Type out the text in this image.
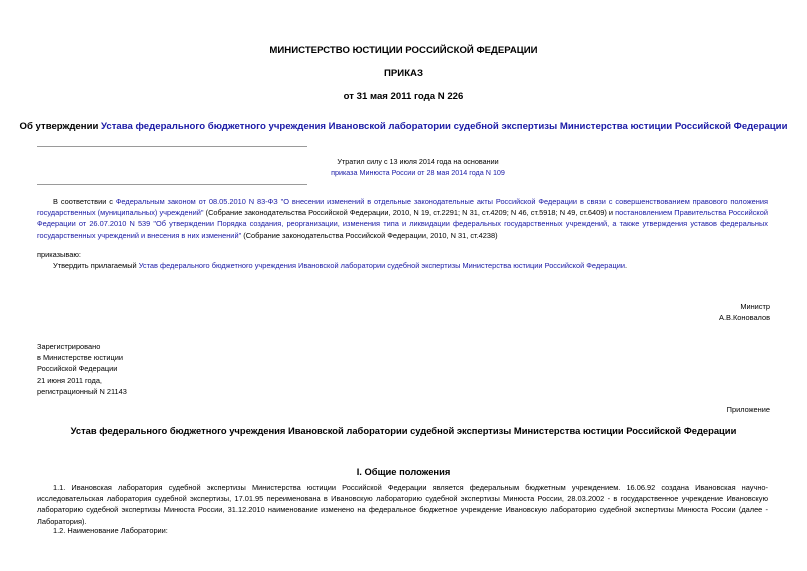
МИНИСТЕРСТВО ЮСТИЦИИ РОССИЙСКОЙ ФЕДЕРАЦИИ
ПРИКАЗ
от 31 мая 2011 года N 226
Об утверждении Устава федерального бюджетного учреждения Ивановской лаборатории судебной экспертизы Министерства юстиции Российской Федерации
Утратил силу с 13 июля 2014 года на основании
приказа Минюста России от 28 мая 2014 года N 109
В соответствии с Федеральным законом от 08.05.2010 N 83-ФЗ "О внесении изменений в отдельные законодательные акты Российской Федерации в связи с совершенствованием правового положения государственных (муниципальных) учреждений" (Собрание законодательства Российской Федерации, 2010, N 19, ст.2291; N 31, ст.4209; N 46, ст.5918; N 49, ст.6409) и постановлением Правительства Российской Федерации от 26.07.2010 N 539 "Об утверждении Порядка создания, реорганизации, изменения типа и ликвидации федеральных государственных учреждений, а также утверждения уставов федеральных государственных учреждений и внесения в них изменений" (Собрание законодательства Российской Федерации, 2010, N 31, ст.4238)
приказываю:
Утвердить прилагаемый Устав федерального бюджетного учреждения Ивановской лаборатории судебной экспертизы Министерства юстиции Российской Федерации.
Министр
А.В.Коновалов
Зарегистрировано
в Министерстве юстиции
Российской Федерации
21 июня 2011 года,
регистрационный N 21143
Приложение
Устав федерального бюджетного учреждения Ивановской лаборатории судебной экспертизы Министерства юстиции Российской Федерации
I. Общие положения
1.1. Ивановская лаборатория судебной экспертизы Министерства юстиции Российской Федерации является федеральным бюджетным учреждением. 16.06.92 создана Ивановская научно-исследовательская лаборатория судебной экспертизы, 17.01.95 переименована в Ивановскую лабораторию судебной экспертизы Минюста России, 28.03.2002 - в государственное учреждение Ивановскую лабораторию судебной экспертизы Минюста России, 31.12.2010 наименование изменено на федеральное бюджетное учреждение Ивановскую лабораторию судебной экспертизы Минюста России (далее - Лаборатория).
1.2. Наименование Лаборатории:
